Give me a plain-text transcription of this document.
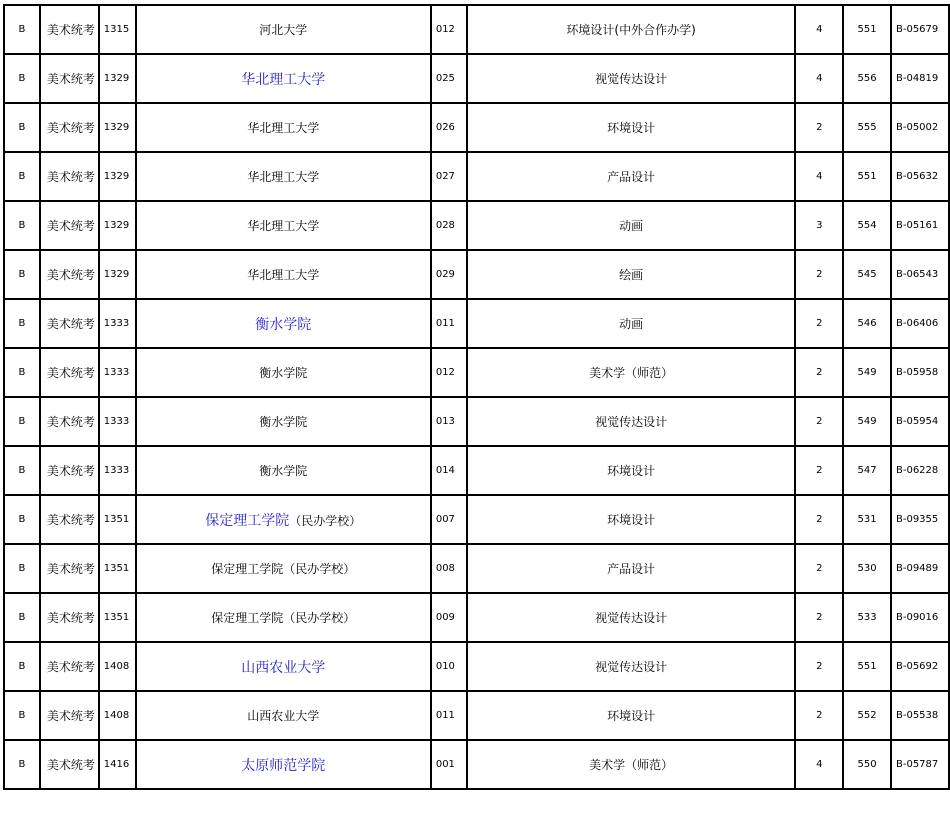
B	美术统考	1315	河北大学	012	环境设计(中外合作办学)	4	551	B-05679
B	美术统考	1329	华北理工大学	025	视觉传达设计	4	556	B-04819
B	美术统考	1329	华北理工大学	026	环境设计	2	555	B-05002
B	美术统考	1329	华北理工大学	027	产品设计	4	551	B-05632
B	美术统考	1329	华北理工大学	028	动画	3	554	B-05161
B	美术统考	1329	华北理工大学	029	绘画	2	545	B-06543
B	美术统考	1333	衡水学院	011	动画	2	546	B-06406
B	美术统考	1333	衡水学院	012	美术学（师范）	2	549	B-05958
B	美术统考	1333	衡水学院	013	视觉传达设计	2	549	B-05954
B	美术统考	1333	衡水学院	014	环境设计	2	547	B-06228
B	美术统考	1351	保定理工学院（民办学校）	007	环境设计	2	531	B-09355
B	美术统考	1351	保定理工学院（民办学校）	008	产品设计	2	530	B-09489
B	美术统考	1351	保定理工学院（民办学校）	009	视觉传达设计	2	533	B-09016
B	美术统考	1408	山西农业大学	010	视觉传达设计	2	551	B-05692
B	美术统考	1408	山西农业大学	011	环境设计	2	552	B-05538
B	美术统考	1416	太原师范学院	001	美术学（师范）	4	550	B-05787
